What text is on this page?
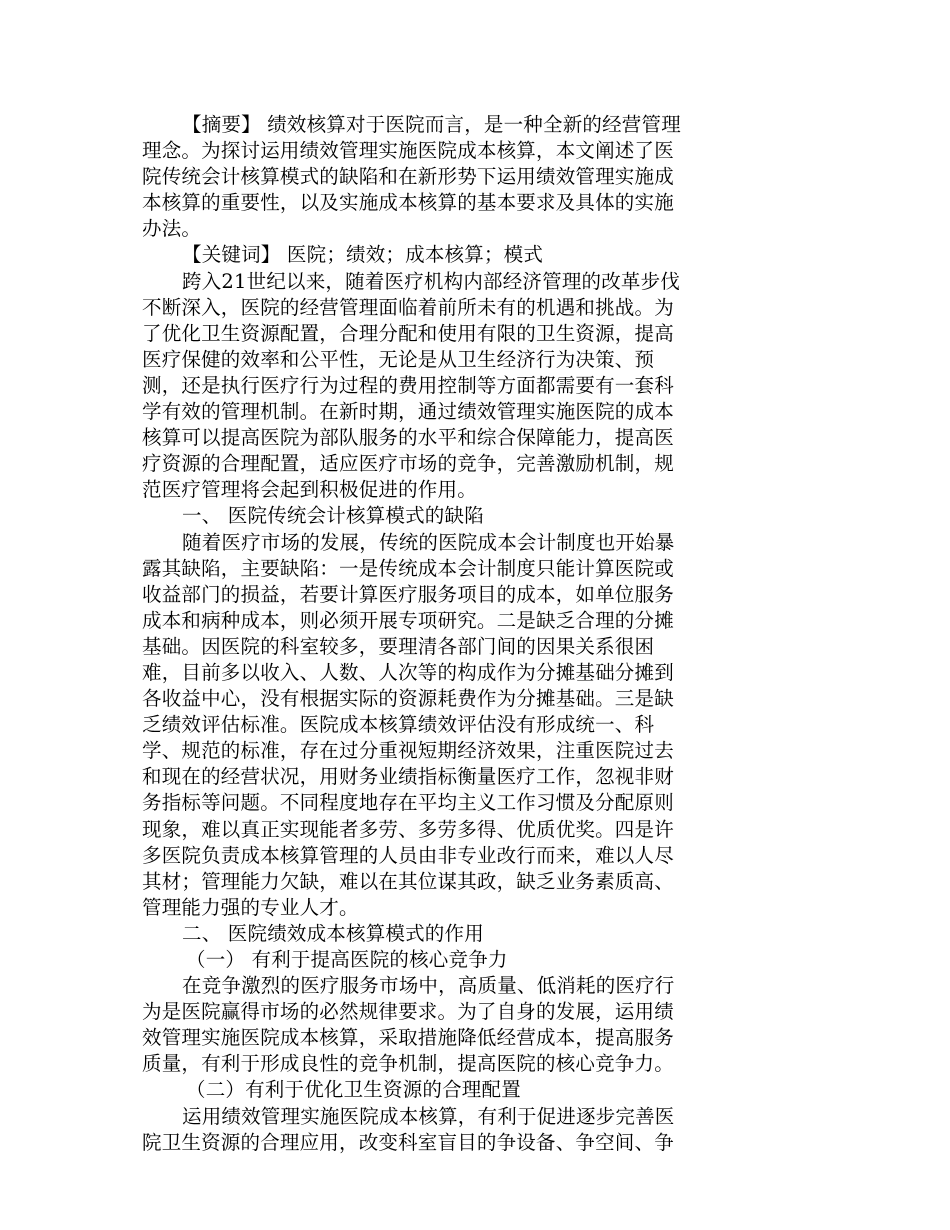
【摘要】 绩效核算对于医院而言，是一种全新的经营管理
理念。为探讨运用绩效管理实施医院成本核算，本文阐述了医
院传统会计核算模式的缺陷和在新形势下运用绩效管理实施成
本核算的重要性，以及实施成本核算的基本要求及具体的实施
办法。
【关键词】 医院；绩效；成本核算；模式
跨入21世纪以来，随着医疗机构内部经济管理的改革步伐
不断深入，医院的经营管理面临着前所未有的机遇和挑战。为
了优化卫生资源配置，合理分配和使用有限的卫生资源，提高
医疗保健的效率和公平性，无论是从卫生经济行为决策、预
测，还是执行医疗行为过程的费用控制等方面都需要有一套科
学有效的管理机制。在新时期，通过绩效管理实施医院的成本
核算可以提高医院为部队服务的水平和综合保障能力，提高医
疗资源的合理配置，适应医疗市场的竞争，完善激励机制，规
范医疗管理将会起到积极促进的作用。
一、 医院传统会计核算模式的缺陷
随着医疗市场的发展，传统的医院成本会计制度也开始暴
露其缺陷，主要缺陷：一是传统成本会计制度只能计算医院或
收益部门的损益，若要计算医疗服务项目的成本，如单位服务
成本和病种成本，则必须开展专项研究。二是缺乏合理的分摊
基础。因医院的科室较多，要理清各部门间的因果关系很困
难，目前多以收入、人数、人次等的构成作为分摊基础分摊到
各收益中心，没有根据实际的资源耗费作为分摊基础。三是缺
乏绩效评估标准。医院成本核算绩效评估没有形成统一、科
学、规范的标准，存在过分重视短期经济效果，注重医院过去
和现在的经营状况，用财务业绩指标衡量医疗工作，忽视非财
务指标等问题。不同程度地存在平均主义工作习惯及分配原则
现象，难以真正实现能者多劳、多劳多得、优质优奖。四是许
多医院负责成本核算管理的人员由非专业改行而来，难以人尽
其材；管理能力欠缺，难以在其位谋其政，缺乏业务素质高、
管理能力强的专业人才。
二、 医院绩效成本核算模式的作用
（一） 有利于提高医院的核心竞争力
在竞争激烈的医疗服务市场中，高质量、低消耗的医疗行
为是医院赢得市场的必然规律要求。为了自身的发展，运用绩
效管理实施医院成本核算，采取措施降低经营成本，提高服务
质量，有利于形成良性的竞争机制，提高医院的核心竞争力。
（二）有利于优化卫生资源的合理配置
运用绩效管理实施医院成本核算，有利于促进逐步完善医
院卫生资源的合理应用，改变科室盲目的争设备、争空间、争
